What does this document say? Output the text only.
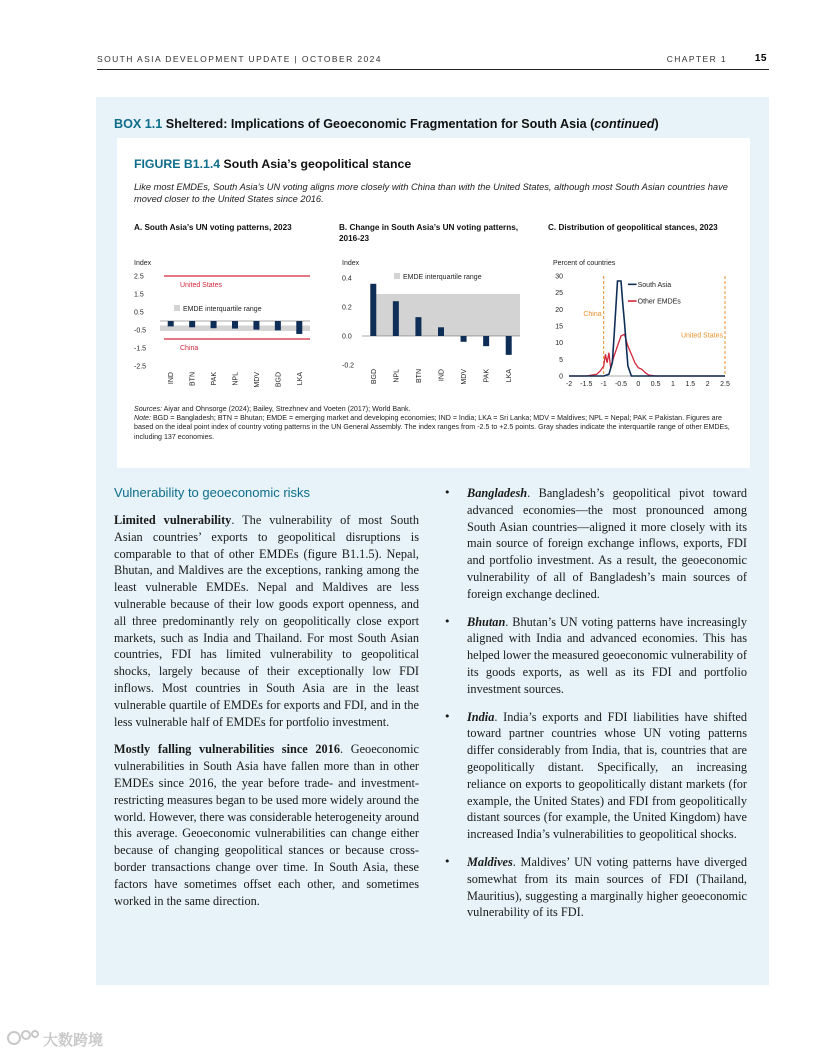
SOUTH ASIA DEVELOPMENT UPDATE | OCTOBER 2024	CHAPTER 1	15
BOX 1.1 Sheltered: Implications of Geoeconomic Fragmentation for South Asia (continued)
FIGURE B1.1.4 South Asia’s geopolitical stance
Like most EMDEs, South Asia’s UN voting aligns more closely with China than with the United States, although most South Asian countries have moved closer to the United States since 2016.
A. South Asia’s UN voting patterns, 2023	B. Change in South Asia’s UN voting patterns, 2016-23
C. Distribution of geopolitical stances, 2023
Index
2.5
1.5
0.5
-0.5
-1.5
-2.5
EMDE interquartile range
United States
China
IND BTN PAK NPL MDV BGD LKA
Index
0.4
0.2
0.0
-0.2
EMDE interquartile range
BGD NPL BTN IND MDV PAK LKA
Percent of countries
30
25
20
15
10
5
0
-2 -1.5 -1 -0.5 0 0.5 1 1.5 2 2.5
China
United States
South Asia
Other EMDEs
Sources: Aiyar and Ohnsorge (2024); Bailey, Strezhnev and Voeten (2017); World Bank.
Note: BGD = Bangladesh; BTN = Bhutan; EMDE = emerging market and developing economies; IND = India; LKA = Sri Lanka; MDV = Maldives; NPL = Nepal; PAK = Pakistan. Figures are based on the ideal point index of country voting patterns in the UN General Assembly. The index ranges from -2.5 to +2.5 points. Gray shades indicate the interquartile range of other EMDEs, including 137 economies.
Vulnerability to geoeconomic risks

Limited vulnerability. The vulnerability of most South Asian countries’ exports to geopolitical disruptions is comparable to that of other EMDEs (figure B1.1.5). Nepal, Bhutan, and Maldives are the exceptions, ranking among the least vulnerable EMDEs. Nepal and Maldives are less vulnerable because of their low goods export openness, and all three predominantly rely on geopolitically close export markets, such as India and Thailand. For most South Asian countries, FDI has limited vulnerability to geopolitical shocks, largely because of their exceptionally low FDI inflows. Most countries in South Asia are in the least vulnerable quartile of EMDEs for exports and FDI, and in the less vulnerable half of EMDEs for portfolio investment.

Mostly falling vulnerabilities since 2016. Geoeconomic vulnerabilities in South Asia have fallen more than in other EMDEs since 2016, the year before trade- and investment-restricting measures began to be used more widely around the world. However, there was considerable heterogeneity around this average. Geoeconomic vulnerabilities can change either because of changing geopolitical stances or because cross-border transactions change over time. In South Asia, these factors have sometimes offset each other, and sometimes worked in the same direction.

• Bangladesh. Bangladesh’s geopolitical pivot toward advanced economies—the most pronounced among South Asian countries—aligned it more closely with its main source of foreign exchange inflows, exports, FDI and portfolio investment. As a result, the geoeconomic vulnerability of all of Bangladesh’s main sources of foreign exchange declined.
• Bhutan. Bhutan’s UN voting patterns have increasingly aligned with India and advanced economies. This has helped lower the measured geoeconomic vulnerability of its goods exports, as well as its FDI and portfolio investment sources.
• India. India’s exports and FDI liabilities have shifted toward partner countries whose UN voting patterns differ considerably from India, that is, countries that are geopolitically distant. Specifically, an increasing reliance on exports to geopolitically distant markets (for example, the United States) and FDI from geopolitically distant sources (for example, the United Kingdom) have increased India’s vulnerabilities to geopolitical shocks.
• Maldives. Maldives’ UN voting patterns have diverged somewhat from its main sources of FDI (Thailand, Mauritius), suggesting a marginally higher geoeconomic vulnerability of its FDI.
大数跨境
